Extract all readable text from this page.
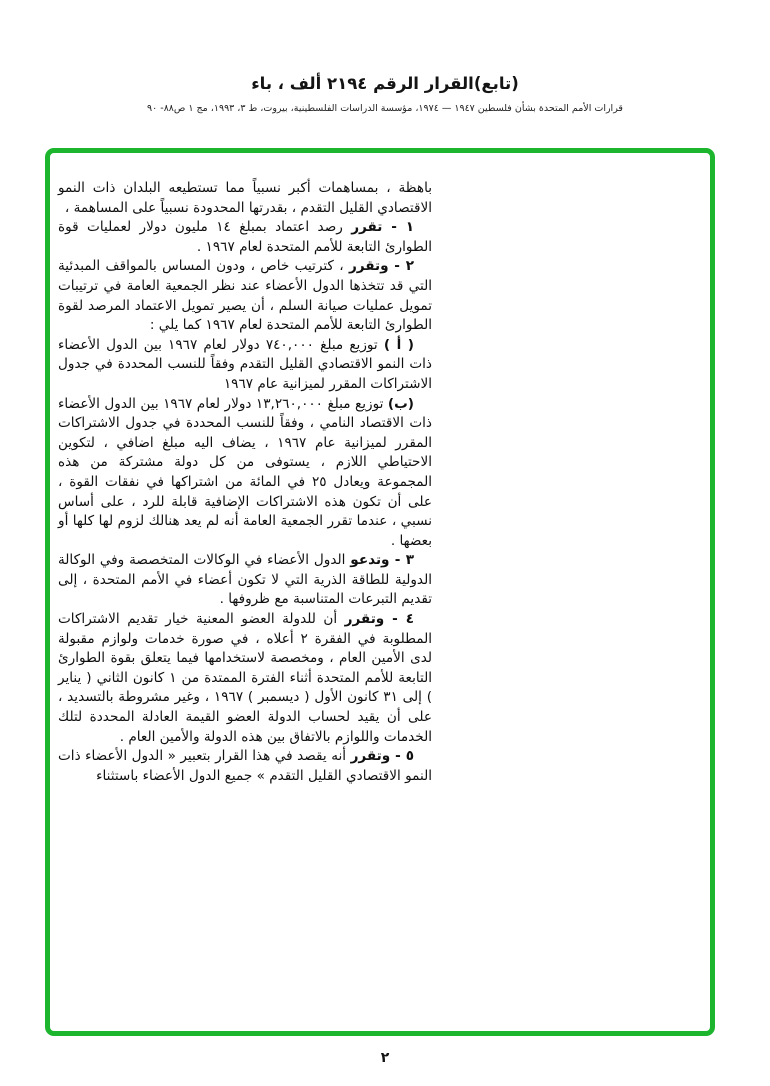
(تابع)القرار الرقم ٢١٩٤ ألف ، باء
قرارات الأمم المتحدة بشأن فلسطين ١٩٤٧ — ١٩٧٤، مؤسسة الدراسات الفلسطينية، بيروت، ط ٣، ١٩٩٣، مج ١ ص٨٨- ٩٠

باهظة ، بمساهمات أكبر نسبياً مما تستطيعه البلدان ذات النمو الاقتصادي القليل التقدم ، بقدرتها المحدودة نسبياً على المساهمة ،

١ - تقرر رصد اعتماد بمبلغ ١٤ مليون دولار لعمليات قوة الطوارئ التابعة للأمم المتحدة لعام ١٩٦٧ .

٢ - وتقرر ، كترتيب خاص ، ودون المساس بالمواقف المبدئية التي قد تتخذها الدول الأعضاء عند نظر الجمعية العامة في ترتيبات تمويل عمليات صيانة السلم ، أن يصير تمويل الاعتماد المرصد لقوة الطوارئ التابعة للأمم المتحدة لعام ١٩٦٧ كما يلي :

( أ ) توزيع مبلغ ٧٤٠,٠٠٠ دولار لعام ١٩٦٧ بين الدول الأعضاء ذات النمو الاقتصادي القليل التقدم وفقاً للنسب المحددة في جدول الاشتراكات المقرر لميزانية عام ١٩٦٧

(ب) توزيع مبلغ ١٣,٢٦٠,٠٠٠ دولار لعام ١٩٦٧ بين الدول الأعضاء ذات الاقتصاد النامي ، وفقاً للنسب المحددة في جدول الاشتراكات المقرر لميزانية عام ١٩٦٧ ، يضاف اليه مبلغ اضافي ، لتكوين الاحتياطي اللازم ، يستوفى من كل دولة مشتركة من هذه المجموعة ويعادل ٢٥ في المائة من اشتراكها في نفقات القوة ، على أن تكون هذه الاشتراكات الإضافية قابلة للرد ، على أساس نسبي ، عندما تقرر الجمعية العامة أنه لم يعد هنالك لزوم لها كلها أو بعضها .

٣ - وتدعو الدول الأعضاء في الوكالات المتخصصة وفي الوكالة الدولية للطاقة الذرية التي لا تكون أعضاء في الأمم المتحدة ، إلى تقديم التبرعات المتناسبة مع ظروفها .

٤ - وتقرر أن للدولة العضو المعنية خيار تقديم الاشتراكات المطلوبة في الفقرة ٢ أعلاه ، في صورة خدمات ولوازم مقبولة لدى الأمين العام ، ومخصصة لاستخدامها فيما يتعلق بقوة الطوارئ التابعة للأمم المتحدة أثناء الفترة الممتدة من ١ كانون الثاني ( يناير ) إلى ٣١ كانون الأول ( ديسمبر ) ١٩٦٧ ، وغير مشروطة بالتسديد ، على أن يقيد لحساب الدولة العضو القيمة العادلة المحددة لتلك الخدمات واللوازم بالاتفاق بين هذه الدولة والأمين العام .

٥ - وتقرر أنه يقصد في هذا القرار بتعبير « الدول الأعضاء ذات النمو الاقتصادي القليل التقدم » جميع الدول الأعضاء باستثناء

٢
